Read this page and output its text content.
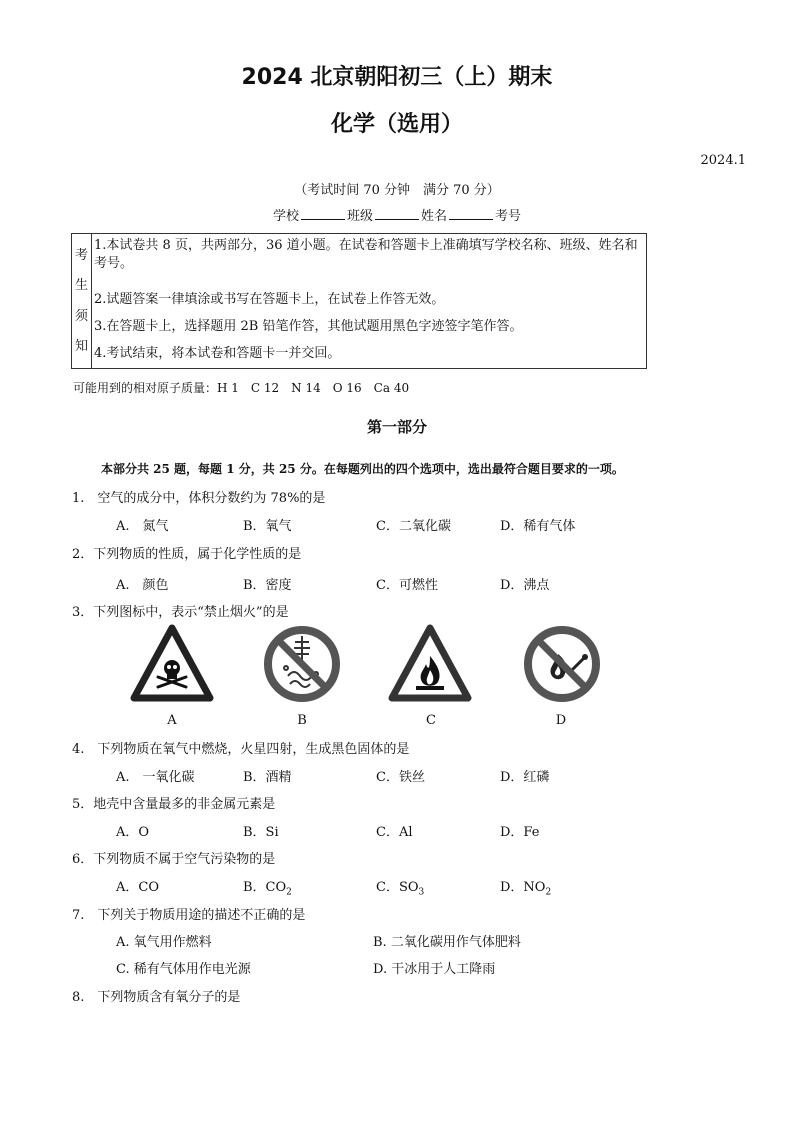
2024 北京朝阳初三（上）期末
化学（选用）
2024.1
（考试时间 70 分钟　满分 70 分）
学校	班级	姓名	考号
考
生
须
知
1.本试卷共 8 页，共两部分，36 道小题。在试卷和答题卡上准确填写学校名称、班级、姓名和考号。
2.试题答案一律填涂或书写在答题卡上，在试卷上作答无效。
3.在答题卡上，选择题用 2B 铅笔作答，其他试题用黑色字迹签字笔作答。
4.考试结束，将本试卷和答题卡一并交回。
可能用到的相对原子质量：H 1　C 12　N 14　O 16　Ca 40
第一部分
本部分共 25 题，每题 1 分，共 25 分。在每题列出的四个选项中，选出最符合题目要求的一项。
1.　空气的成分中，体积分数约为 78%的是
A.　氮气	B．氧气	C．二氧化碳	D．稀有气体
2．下列物质的性质，属于化学性质的是
A.　颜色	B．密度	C．可燃性	D．沸点
3．下列图标中，表示“禁止烟火”的是
A	B	C	D
4.　下列物质在氧气中燃烧，火星四射，生成黑色固体的是
A.　一氧化碳	B．酒精	C．铁丝	D．红磷
5．地壳中含量最多的非金属元素是
A．O	B．Si	C．Al	D．Fe
6．下列物质不属于空气污染物的是
A．CO	B．$CO_2$	C．$SO_3$	D．$NO_2$
7.　下列关于物质用途的描述不正确的是
A. 氧气用作燃料	B. 二氧化碳用作气体肥料
C. 稀有气体用作电光源	D. 干冰用于人工降雨
8.　下列物质含有氧分子的是
